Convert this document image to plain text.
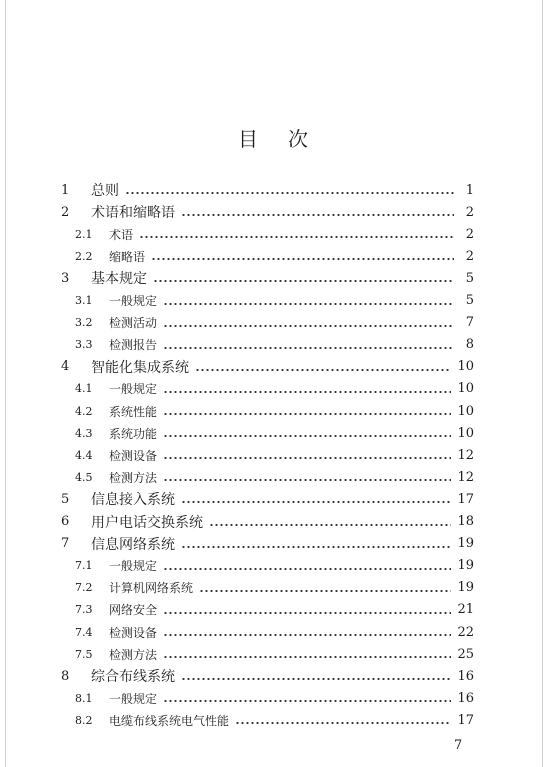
目 次
1	总则	1
2	术语和缩略语	2
2.1	术语	2
2.2	缩略语	2
3	基本规定	5
3.1	一般规定	5
3.2	检测活动	7
3.3	检测报告	8
4	智能化集成系统	10
4.1	一般规定	10
4.2	系统性能	10
4.3	系统功能	10
4.4	检测设备	12
4.5	检测方法	12
5	信息接入系统	17
6	用户电话交换系统	18
7	信息网络系统	19
7.1	一般规定	19
7.2	计算机网络系统	19
7.3	网络安全	21
7.4	检测设备	22
7.5	检测方法	25
8	综合布线系统	16
8.1	一般规定	16
8.2	电缆布线系统电气性能	17
7
